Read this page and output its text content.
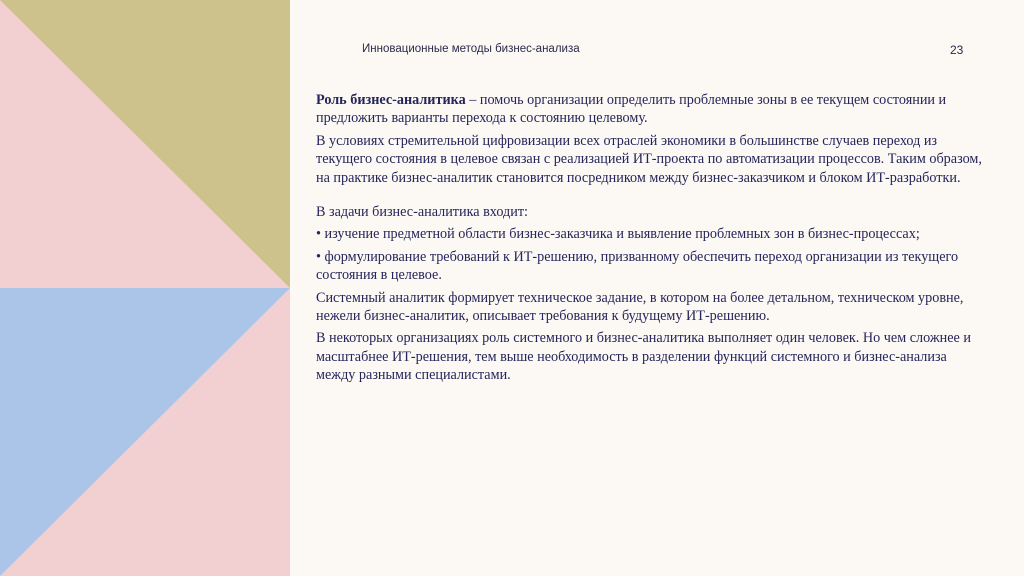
Инновационные методы бизнес-анализа	23

Роль бизнес-аналитика – помочь организации определить проблемные зоны в ее текущем состоянии и предложить варианты перехода к состоянию целевому.

В условиях стремительной цифровизации всех отраслей экономики в большинстве случаев переход из текущего состояния в целевое связан с реализацией ИТ-проекта по автоматизации процессов. Таким образом, на практике бизнес-аналитик становится посредником между бизнес-заказчиком и блоком ИТ-разработки.

В задачи бизнес-аналитика входит:

• изучение предметной области бизнес-заказчика и выявление проблемных зон в бизнес-процессах;

• формулирование требований к ИТ-решению, призванному обеспечить переход организации из текущего состояния в целевое.

Системный аналитик формирует техническое задание, в котором на более детальном, техническом уровне, нежели бизнес-аналитик, описывает требования к будущему ИТ-решению.

В некоторых организациях роль системного и бизнес-аналитика выполняет один человек. Но чем сложнее и масштабнее ИТ-решения, тем выше необходимость в разделении функций системного и бизнес-анализа между разными специалистами.
